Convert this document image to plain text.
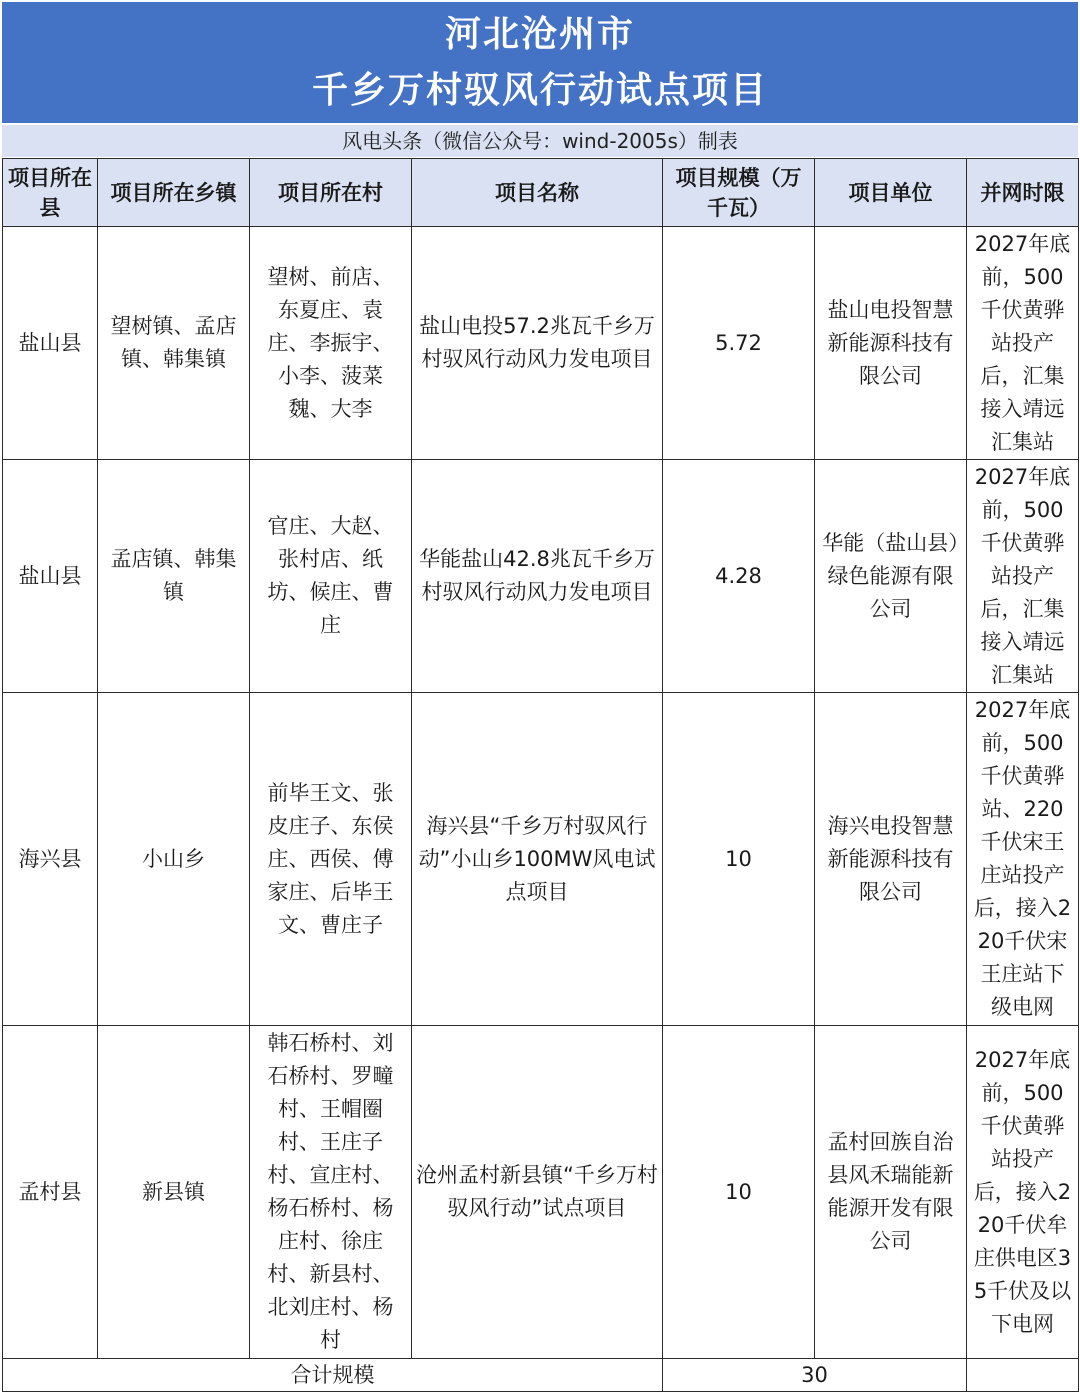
河北沧州市
千乡万村驭风行动试点项目
风电头条（微信公众号：wind-2005s）制表
项目所在县	项目所在乡镇	项目所在村	项目名称	项目规模（万千瓦）	项目单位	并网时限
盐山县	望树镇、孟店镇、韩集镇	望树、前店、东夏庄、袁庄、李振宇、小李、菠菜魏、大李	盐山电投57.2兆瓦千乡万村驭风行动风力发电项目	5.72	盐山电投智慧新能源科技有限公司	2027年底前，500千伏黄骅站投产后，汇集接入靖远汇集站
盐山县	孟店镇、韩集镇	官庄、大赵、张村店、纸坊、候庄、曹庄	华能盐山42.8兆瓦千乡万村驭风行动风力发电项目	4.28	华能（盐山县）绿色能源有限公司	2027年底前，500千伏黄骅站投产后，汇集接入靖远汇集站
海兴县	小山乡	前毕王文、张皮庄子、东侯庄、西侯、傅家庄、后毕王文、曹庄子	海兴县“千乡万村驭风行动”小山乡100MW风电试点项目	10	海兴电投智慧新能源科技有限公司	2027年底前，500千伏黄骅站、220千伏宋王庄站投产后，接入220千伏宋王庄站下级电网
孟村县	新县镇	韩石桥村、刘石桥村、罗疃村、王帽圈村、王庄子村、宣庄村、杨石桥村、杨庄村、徐庄村、新县村、北刘庄村、杨村	沧州孟村新县镇“千乡万村驭风行动”试点项目	10	孟村回族自治县风禾瑞能新能源开发有限公司	2027年底前，500千伏黄骅站投产后，接入220千伏牟庄供电区35千伏及以下电网
合计规模				30		
